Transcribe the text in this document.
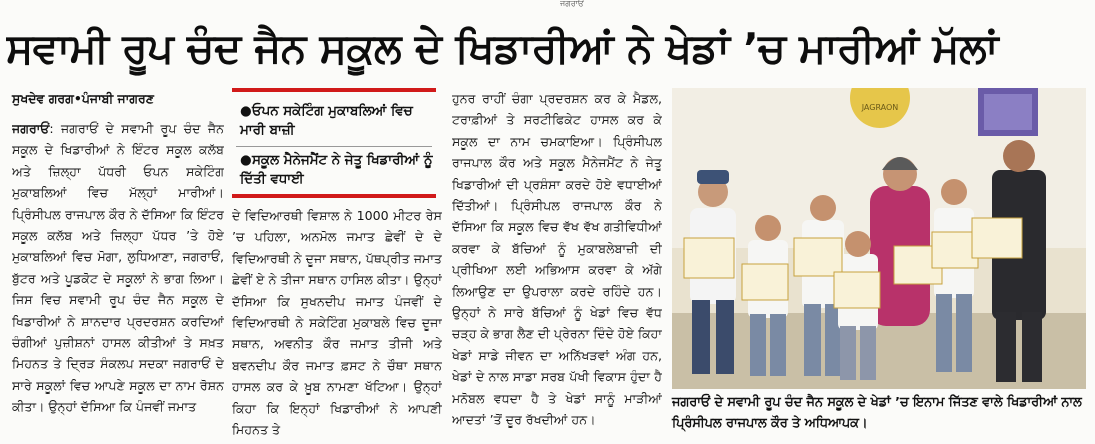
ਜਗਰਾਓਂ
ਸਵਾਮੀ ਰੂਪ ਚੰਦ ਜੈਨ ਸਕੂਲ ਦੇ ਖਿਡਾਰੀਆਂ ਨੇ ਖੇਡਾਂ ’ਚ ਮਾਰੀਆਂ ਮੱਲਾਂ
ਸੁਖਦੇਵ ਗਰਗ•ਪੰਜਾਬੀ ਜਾਗਰਣ
ਜਗਰਾਓਂ: ਜਗਰਾਓਂ ਦੇ ਸਵਾਮੀ ਰੂਪ ਚੰਦ ਜੈਨ ਸਕੂਲ ਦੇ ਖਿਡਾਰੀਆਂ ਨੇ ਇੰਟਰ ਸਕੂਲ ਕਲੱਬ ਅਤੇ ਜ਼ਿਲ੍ਹਾ ਪੱਧਰੀ ਓਪਨ ਸਕੇਟਿੰਗ ਮੁਕਾਬਲਿਆਂ ਵਿਚ ਮੱਲ੍ਹਾਂ ਮਾਰੀਆਂ। ਪ੍ਰਿੰਸੀਪਲ ਰਾਜਪਾਲ ਕੌਰ ਨੇ ਦੱਸਿਆ ਕਿ ਇੰਟਰ ਸਕੂਲ ਕਲੱਬ ਅਤੇ ਜ਼ਿਲ੍ਹਾ ਪੱਧਰ ’ਤੇ ਹੋਏ ਮੁਕਾਬਲਿਆਂ ਵਿਚ ਮੋਗਾ, ਲੁਧਿਆਣਾ, ਜਗਰਾਓਂ, ਬੁੱਟਰ ਅਤੇ ਪੂਡਕੋਟ ਦੇ ਸਕੂਲਾਂ ਨੇ ਭਾਗ ਲਿਆ। ਜਿਸ ਵਿਚ ਸਵਾਮੀ ਰੂਪ ਚੰਦ ਜੈਨ ਸਕੂਲ ਦੇ ਖਿਡਾਰੀਆਂ ਨੇ ਸ਼ਾਨਦਾਰ ਪ੍ਰਦਰਸ਼ਨ ਕਰਦਿਆਂ ਚੰਗੀਆਂ ਪੁਜ਼ੀਸ਼ਨਾਂ ਹਾਸਲ ਕੀਤੀਆਂ ਤੇ ਸਖ਼ਤ ਮਿਹਨਤ ਤੇ ਦ੍ਰਿੜ ਸੰਕਲਪ ਸਦਕਾ ਜਗਰਾਓਂ ਦੇ ਸਾਰੇ ਸਕੂਲਾਂ ਵਿਚ ਆਪਣੇ ਸਕੂਲ ਦਾ ਨਾਮ ਰੋਸ਼ਨ ਕੀਤਾ। ਉਨ੍ਹਾਂ ਦੱਸਿਆ ਕਿ ਪੰਜਵੀਂ ਜਮਾਤ
●ਓਪਨ ਸਕੇਟਿੰਗ ਮੁਕਾਬਲਿਆਂ ਵਿਚ ਮਾਰੀ ਬਾਜ਼ੀ
●ਸਕੂਲ ਮੈਨੇਜਮੈਂਟ ਨੇ ਜੇਤੂ ਖਿਡਾਰੀਆਂ ਨੂੰ ਦਿੱਤੀ ਵਧਾਈ
ਦੇ ਵਿਦਿਆਰਥੀ ਵਿਸ਼ਾਲ ਨੇ 1000 ਮੀਟਰ ਰੇਸ ’ਚ ਪਹਿਲਾ, ਅਨਮੋਲ ਜਮਾਤ ਛੇਵੀਂ ਦੇ ਦੇ ਵਿਦਿਆਰਥੀ ਨੇ ਦੂਜਾ ਸਥਾਨ, ਪੱਥਪ੍ਰੀਤ ਜਮਾਤ ਛੇਵੀਂ ਏ ਨੇ ਤੀਜਾ ਸਥਾਨ ਹਾਸਿਲ ਕੀਤਾ। ਉਨ੍ਹਾਂ ਦੱਸਿਆ ਕਿ ਸੁਖਨਦੀਪ ਜਮਾਤ ਪੰਜਵੀਂ ਦੇ ਵਿਦਿਆਰਥੀ ਨੇ ਸਕੇਟਿੰਗ ਮੁਕਾਬਲੇ ਵਿਚ ਦੂਜਾ ਸਥਾਨ, ਅਵਨੀਤ ਕੌਰ ਜਮਾਤ ਤੀਜੀ ਅਤੇ ਬਵਨਦੀਪ ਕੌਰ ਜਮਾਤ ਫ਼ਸਟ ਨੇ ਚੌਥਾ ਸਥਾਨ ਹਾਸਲ ਕਰ ਕੇ ਖ਼ੂਬ ਨਾਮਣਾ ਖੱਟਿਆ। ਉਨ੍ਹਾਂ ਕਿਹਾ ਕਿ ਇਨ੍ਹਾਂ ਖਿਡਾਰੀਆਂ ਨੇ ਆਪਣੀ ਮਿਹਨਤ ਤੇ
ਹੁਨਰ ਰਾਹੀਂ ਚੰਗਾ ਪ੍ਰਦਰਸ਼ਨ ਕਰ ਕੇ ਮੈਡਲ, ਟਰਾਫ਼ੀਆਂ ਤੇ ਸਰਟੀਫਿਕੇਟ ਹਾਸਲ ਕਰ ਕੇ ਸਕੂਲ ਦਾ ਨਾਮ ਚਮਕਾਇਆ। ਪ੍ਰਿੰਸੀਪਲ ਰਾਜਪਾਲ ਕੌਰ ਅਤੇ ਸਕੂਲ ਮੈਨੇਜਮੈਂਟ ਨੇ ਜੇਤੂ ਖਿਡਾਰੀਆਂ ਦੀ ਪ੍ਰਸ਼ੰਸਾ ਕਰਦੇ ਹੋਏ ਵਧਾਈਆਂ ਦਿੱਤੀਆਂ। ਪ੍ਰਿੰਸੀਪਲ ਰਾਜਪਾਲ ਕੌਰ ਨੇ ਦੱਸਿਆ ਕਿ ਸਕੂਲ ਵਿਚ ਵੱਖ ਵੱਖ ਗਤੀਵਿਧੀਆਂ ਕਰਵਾ ਕੇ ਬੱਚਿਆਂ ਨੂੰ ਮੁਕਾਬਲੇਬਾਜ਼ੀ ਦੀ ਪ੍ਰੀਖਿਆ ਲਈ ਅਭਿਆਸ ਕਰਵਾ ਕੇ ਅੱਗੇ ਲਿਆਉਣ ਦਾ ਉਪਰਾਲਾ ਕਰਦੇ ਰਹਿੰਦੇ ਹਨ। ਉਨ੍ਹਾਂ ਨੇ ਸਾਰੇ ਬੱਚਿਆਂ ਨੂੰ ਖੇਡਾਂ ਵਿਚ ਵੱਧ ਚੜ੍ਹ ਕੇ ਭਾਗ ਲੈਣ ਦੀ ਪ੍ਰੇਰਨਾ ਦਿੰਦੇ ਹੋਏ ਕਿਹਾ ਖੇਡਾਂ ਸਾਡੇ ਜੀਵਨ ਦਾ ਅਨਿੱਖੜਵਾਂ ਅੰਗ ਹਨ, ਖੇਡਾਂ ਦੇ ਨਾਲ ਸਾਡਾ ਸਰਬ ਪੱਖੀ ਵਿਕਾਸ ਹੁੰਦਾ ਹੈ ਮਨੋਬਲ ਵਧਦਾ ਹੈ ਤੇ ਖੇਡਾਂ ਸਾਨੂੰ ਮਾੜੀਆਂ ਆਦਤਾਂ ’ਤੋਂ ਦੂਰ ਰੱਖਦੀਆਂ ਹਨ।
JAGRAON
ਜਗਰਾਓਂ ਦੇ ਸਵਾਮੀ ਰੂਪ ਚੰਦ ਜੈਨ ਸਕੂਲ ਦੇ ਖੇਡਾਂ ’ਚ ਇਨਾਮ ਜਿੱਤਣ ਵਾਲੇ ਖਿਡਾਰੀਆਂ ਨਾਲ ਪ੍ਰਿੰਸੀਪਲ ਰਾਜਪਾਲ ਕੌਰ ਤੇ ਅਧਿਆਪਕ।
